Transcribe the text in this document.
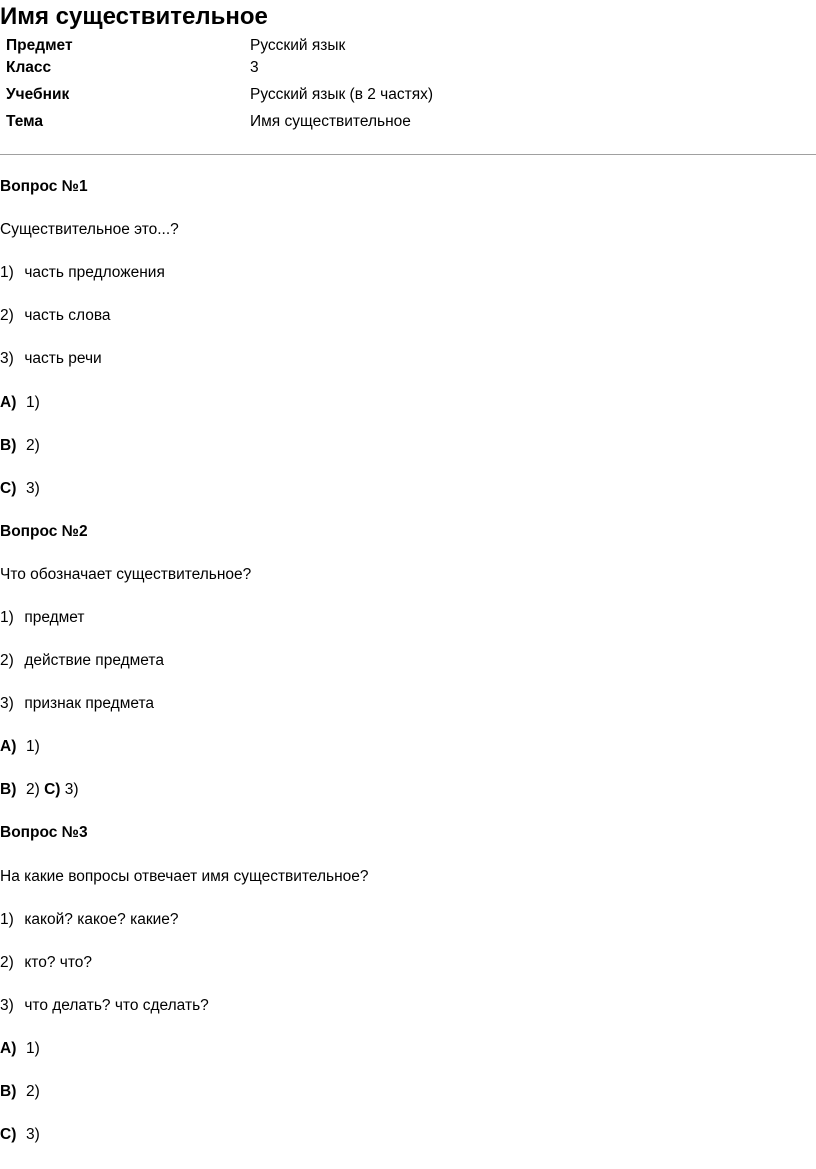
Имя существительное
Предмет	Русский язык
Класс	3
Учебник	Русский язык (в 2 частях)
Тема	Имя существительное
Вопрос №1
Существительное это...?
1) часть предложения
2) часть слова
3) часть речи
A) 1)
B) 2)
C) 3)
Вопрос №2
Что обозначает существительное?
1) предмет
2) действие предмета
3) признак предмета
A) 1)
B) 2) C) 3)
Вопрос №3
На какие вопросы отвечает имя существительное?
1) какой? какое? какие?
2) кто? что?
3) что делать? что сделать?
A) 1)
B) 2)
C) 3)
